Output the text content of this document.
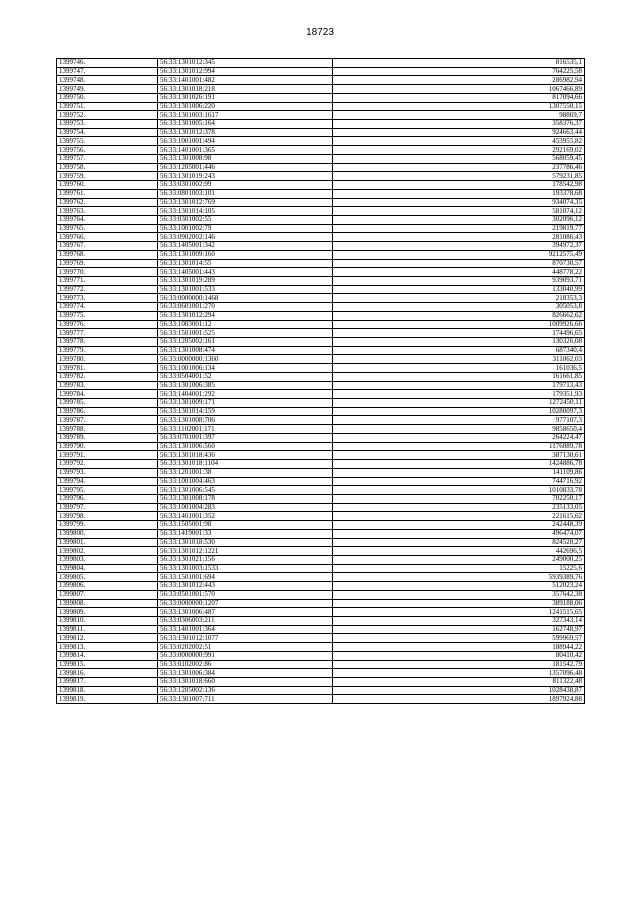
18723
1399746.	56:33:1301012:345	816535,1
1399747.	56:33:1301012:994	764225,58
1399748.	56:33:1401001:482	286982,94
1399749.	56:33:1301018:218	1067466,89
1399750.	56:33:1301026:191	817094,66
1399751.	56:33:1301006:220	1307550,15
1399752.	56:33:1301003:1617	98869,7
1399753.	56:33:1301005:164	358376,37
1399754.	56:33:1301012:378	924663,44
1399755.	56:33:1001001:494	453955,82
1399756.	56:33:1401001:365	292169,02
1399757.	56:33:1301008:98	568059,45
1399758.	56:33:1205001:446	237786,46
1399759.	56:33:1301019:243	579231,85
1399760.	56:33:0301002:99	178542,98
1399761.	56:33:0801003:101	193378,68
1399762.	56:33:1301012:769	934074,35
1399763.	56:33:1301014:105	581074,12
1399764.	56:33:0301002:55	302096,12
1399765.	56:33:1001002:79	219819,77
1399766.	56:33:0902002:146	281086,43
1399767.	56:33:1405001:342	394972,37
1399768.	56:33:1301009:160	9212575,49
1399769.	56:33:1301014:55	870730,57
1399770.	56:33:1405001:443	448778,22
1399771.	56:33:1301019:289	939093,71
1399772.	56:33:1301001:533	133040,99
1399773.	56:33:0000000:1468	218353,3
1399774.	56:33:0601001:270	305053,8
1399775.	56:33:1301012:294	826662,62
1399776.	56:33:1003001:12	1009926,66
1399777.	56:33:1501001:525	174496,65
1399778.	56:33:1205002:161	130326,08
1399779.	56:33:1301008:474	687340,4
1399780.	56:33:0000000:1360	311062,03
1399781.	56:33:1001006:134	161036,5
1399782.	56:33:0504001:52	161661,85
1399783.	56:33:1301006:385	179713,43
1399784.	56:33:1404001:292	179351,93
1399785.	56:33:1301009:171	1272450,11
1399786.	56:33:1301014:159	10280097,3
1399787.	56:33:1301008:706	977107,3
1399788.	56:33:1102001:171	9858650,4
1399789.	56:33:0701001:397	264224,47
1399790.	56:33:1301006:560	1176089,78
1399791.	56:33:1301018:436	387130,61
1399792.	56:33:1301018:1104	1424886,78
1399793.	56:33:1201001:38	141109,86
1399794.	56:33:1001004:463	744716,92
1399795.	56:33:1301006:545	1010833,78
1399796.	56:33:1301008:178	702250,17
1399797.	56:33:1001004:283	235133,05
1399798.	56:33:1401001:352	221615,62
1399799.	56:33:1505001:98	242448,39
1399800.	56:33:1419001:33	496474,07
1399801.	56:33:1301018:530	824520,27
1399802.	56:33:1301012:1221	442696,5
1399803.	56:33:1301021:156	249000,25
1399804.	56:33:1301003:1533	15225,6
1399805.	56:33:1501001:694	5939389,76
1399806.	56:33:1301012:443	512023,24
1399807.	56:33:0501001:570	357642,38
1399808.	56:33:0000000:1207	389188,06
1399809.	56:33:1301006:487	1241515,65
1399810.	56:33:0306003:211	327343,14
1399811.	56:33:1401001:364	162748,97
1399812.	56:33:1301012:1077	599969,57
1399813.	56:33:0202002:51	188944,22
1399814.	56:33:0000000:991	80410,42
1399815.	56:33:0102002:86	181542,79
1399816.	56:33:1301006:384	1357096,48
1399817.	56:33:1301018:660	811322,48
1399818.	56:33:1205002:136	1028438,87
1399819.	56:33:1301007:711	1897924,88
